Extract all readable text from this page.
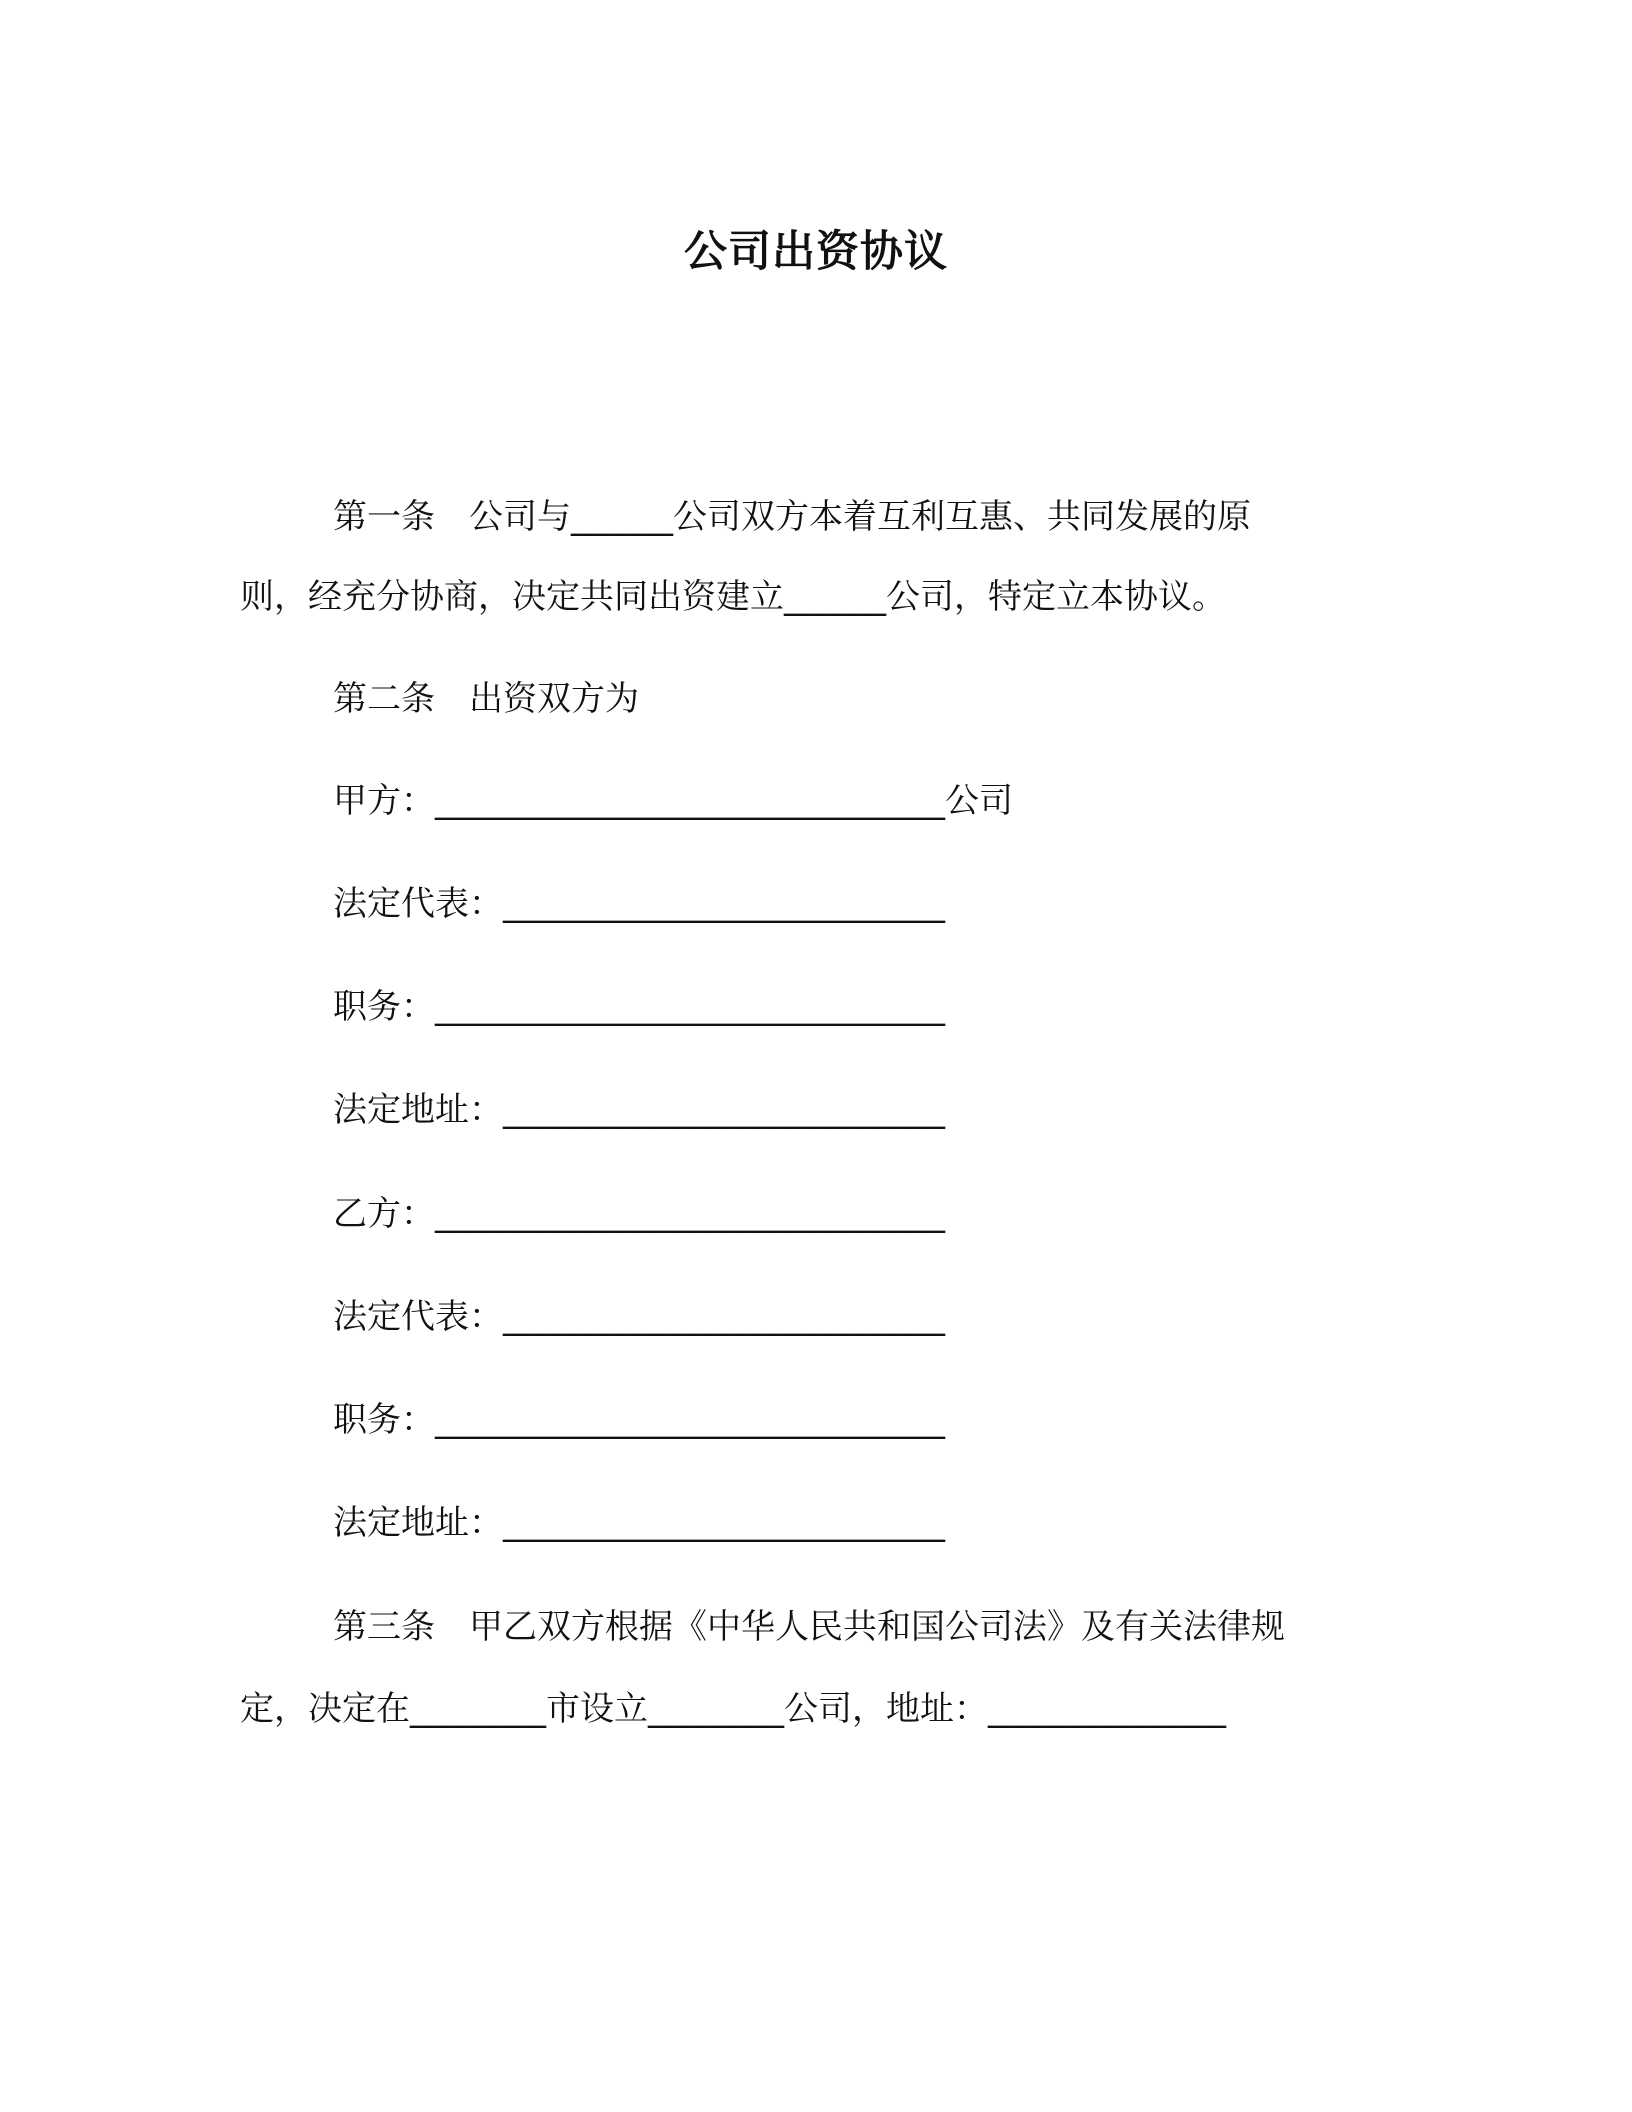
公司出资协议
第一条　公司与______公司双方本着互利互惠、共同发展的原
则，经充分协商，决定共同出资建立______公司，特定立本协议。
第二条　出资双方为
甲方：______________________________公司
法定代表：__________________________
职务：______________________________
法定地址：__________________________
乙方：______________________________
法定代表：__________________________
职务：______________________________
法定地址：__________________________
第三条　甲乙双方根据《中华人民共和国公司法》及有关法律规
定，决定在________市设立________公司，地址：______________
